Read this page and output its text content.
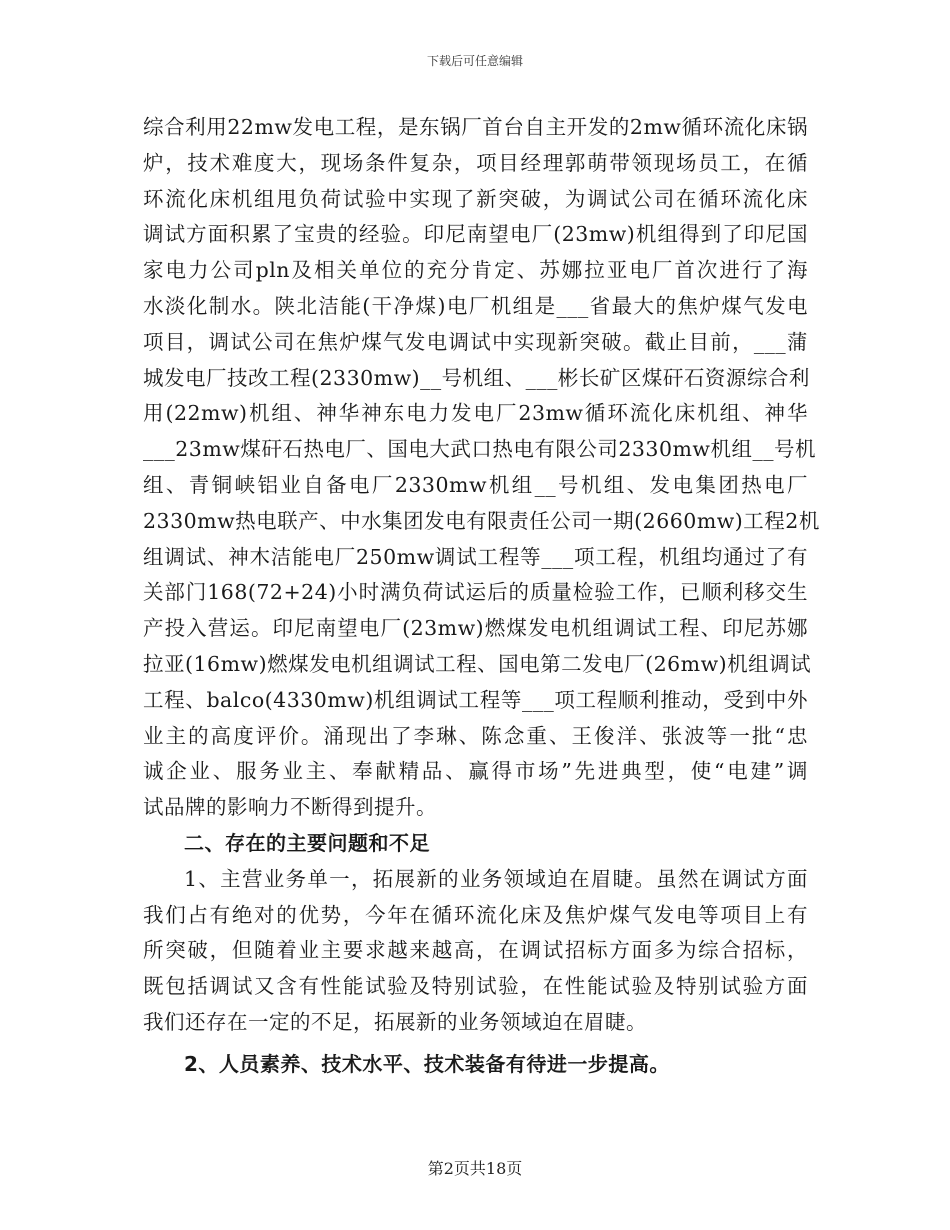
下载后可任意编辑
综合利用22mw发电工程，是东锅厂首台自主开发的2mw循环流化床锅
炉，技术难度大，现场条件复杂，项目经理郭萌带领现场员工，在循
环流化床机组甩负荷试验中实现了新突破，为调试公司在循环流化床
调试方面积累了宝贵的经验。印尼南望电厂(23mw)机组得到了印尼国
家电力公司pln及相关单位的充分肯定、苏娜拉亚电厂首次进行了海
水淡化制水。陕北洁能(干净煤)电厂机组是___省最大的焦炉煤气发电
项目，调试公司在焦炉煤气发电调试中实现新突破。截止目前，___蒲
城发电厂技改工程(2330mw)__号机组、___彬长矿区煤矸石资源综合利
用(22mw)机组、神华神东电力发电厂23mw循环流化床机组、神华
___23mw煤矸石热电厂、国电大武口热电有限公司2330mw机组__号机
组、青铜峡铝业自备电厂2330mw机组__号机组、发电集团热电厂
2330mw热电联产、中水集团发电有限责任公司一期(2660mw)工程2机
组调试、神木洁能电厂250mw调试工程等___项工程，机组均通过了有
关部门168(72+24)小时满负荷试运后的质量检验工作，已顺利移交生
产投入营运。印尼南望电厂(23mw)燃煤发电机组调试工程、印尼苏娜
拉亚(16mw)燃煤发电机组调试工程、国电第二发电厂(26mw)机组调试
工程、balco(4330mw)机组调试工程等___项工程顺利推动，受到中外
业主的高度评价。涌现出了李琳、陈念重、王俊洋、张波等一批“忠
诚企业、服务业主、奉献精品、赢得市场”先进典型，使“电建”调
试品牌的影响力不断得到提升。
二、存在的主要问题和不足
1、主营业务单一，拓展新的业务领域迫在眉睫。虽然在调试方面
我们占有绝对的优势，今年在循环流化床及焦炉煤气发电等项目上有
所突破，但随着业主要求越来越高，在调试招标方面多为综合招标，
既包括调试又含有性能试验及特别试验，在性能试验及特别试验方面
我们还存在一定的不足，拓展新的业务领域迫在眉睫。
2、人员素养、技术水平、技术装备有待进一步提高。
第2页共18页
